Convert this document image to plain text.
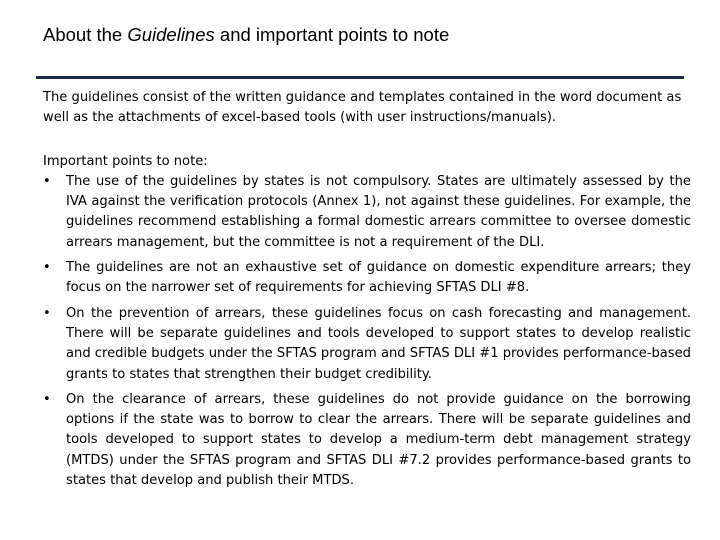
About the Guidelines and important points to note

The guidelines consist of the written guidance and templates contained in the word document as well as the attachments of excel-based tools (with user instructions/manuals).

Important points to note:

• The use of the guidelines by states is not compulsory. States are ultimately assessed by the IVA against the verification protocols (Annex 1), not against these guidelines. For example, the guidelines recommend establishing a formal domestic arrears committee to oversee domestic arrears management, but the committee is not a requirement of the DLI.
• The guidelines are not an exhaustive set of guidance on domestic expenditure arrears; they focus on the narrower set of requirements for achieving SFTAS DLI #8.
• On the prevention of arrears, these guidelines focus on cash forecasting and management. There will be separate guidelines and tools developed to support states to develop realistic and credible budgets under the SFTAS program and SFTAS DLI #1 provides performance-based grants to states that strengthen their budget credibility.
• On the clearance of arrears, these guidelines do not provide guidance on the borrowing options if the state was to borrow to clear the arrears. There will be separate guidelines and tools developed to support states to develop a medium-term debt management strategy (MTDS) under the SFTAS program and SFTAS DLI #7.2 provides performance-based grants to states that develop and publish their MTDS.
